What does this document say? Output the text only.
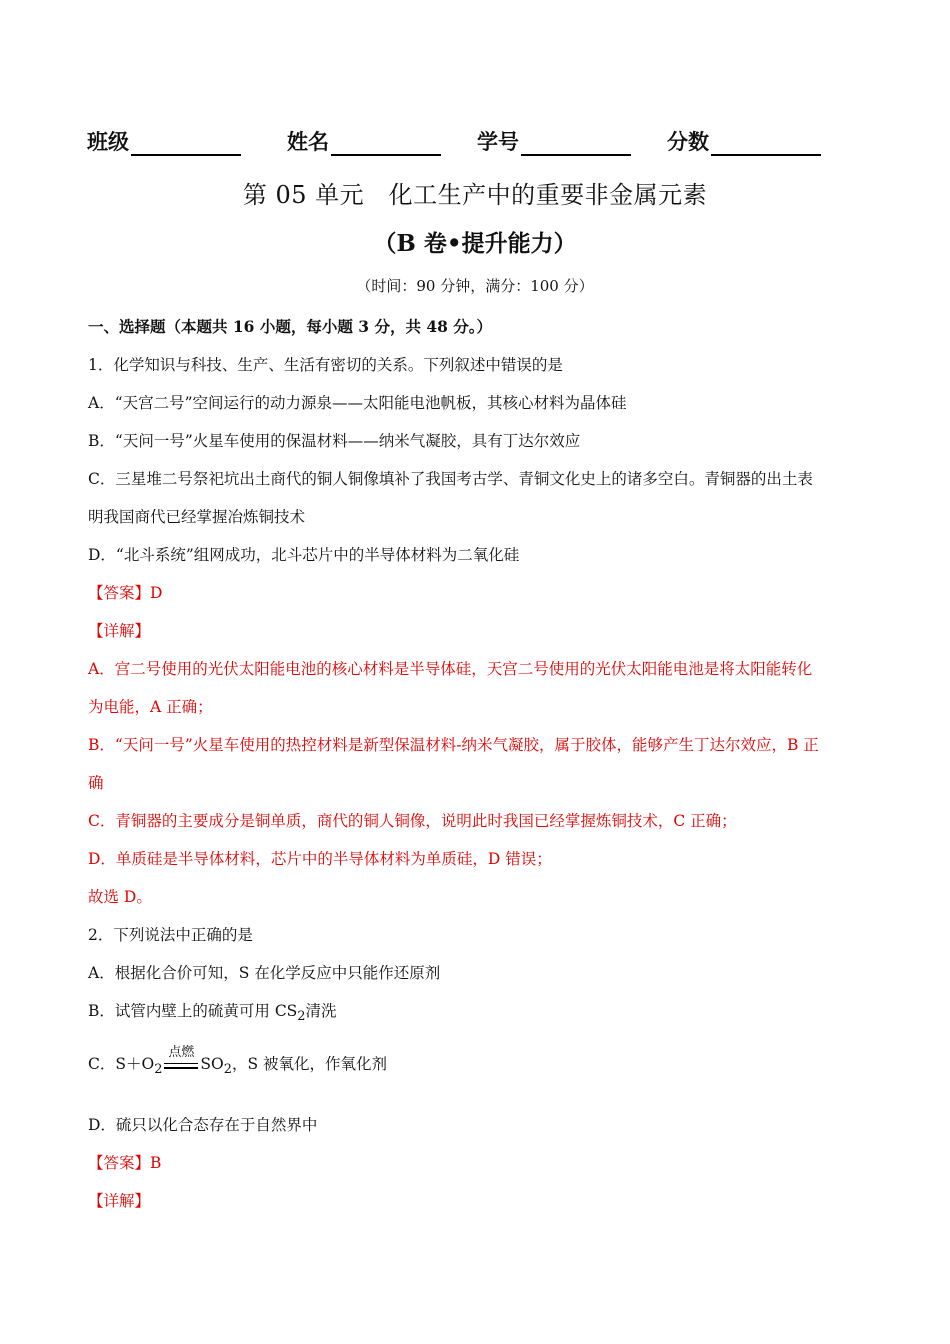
班级	姓名	学号	分数
第 05 单元　化工生产中的重要非金属元素
（B 卷•提升能力）
（时间：90 分钟，满分：100 分）
一、选择题（本题共 16 小题，每小题 3 分，共 48 分。）
1．化学知识与科技、生产、生活有密切的关系。下列叙述中错误的是
A．“天宫二号”空间运行的动力源泉——太阳能电池帆板，其核心材料为晶体硅
B．“天问一号”火星车使用的保温材料——纳米气凝胶，具有丁达尔效应
C．三星堆二号祭祀坑出土商代的铜人铜像填补了我国考古学、青铜文化史上的诸多空白。青铜器的出土表
明我国商代已经掌握冶炼铜技术
D．“北斗系统”组网成功，北斗芯片中的半导体材料为二氧化硅
【答案】D
【详解】
A．宫二号使用的光伏太阳能电池的核心材料是半导体硅，天宫二号使用的光伏太阳能电池是将太阳能转化
为电能，A 正确；
B．“天问一号”火星车使用的热控材料是新型保温材料-纳米气凝胶，属于胶体，能够产生丁达尔效应，B 正
确
C．青铜器的主要成分是铜单质，商代的铜人铜像，说明此时我国已经掌握炼铜技术，C 正确；
D．单质硅是半导体材料，芯片中的半导体材料为单质硅，D 错误；
故选 D。
2．下列说法中正确的是
A．根据化合价可知，S 在化学反应中只能作还原剂
B．试管内壁上的硫黄可用 $CS_2$清洗
C．$S+O_2$
点燃
$SO_2$，S 被氧化，作氧化剂
D．硫只以化合态存在于自然界中
【答案】B
【详解】
